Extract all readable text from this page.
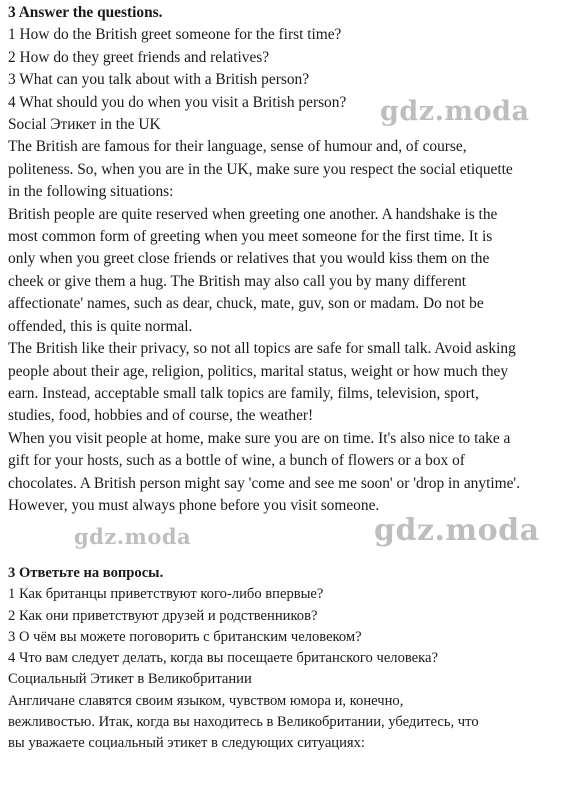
3 Answer the questions.
1 How do the British greet someone for the first time?
2 How do they greet friends and relatives?
3 What can you talk about with a British person?
4 What should you do when you visit a British person?
Social Этикет in the UK
The British are famous for their language, sense of humour and, of course,
politeness. So, when you are in the UK, make sure you respect the social etiquette
in the following situations:
British people are quite reserved when greeting one another. A handshake is the
most common form of greeting when you meet someone for the first time. It is
only when you greet close friends or relatives that you would kiss them on the
cheek or give them a hug. The British may also call you by many different
affectionate' names, such as dear, chuck, mate, guv, son or madam. Do not be
offended, this is quite normal.
The British like their privacy, so not all topics are safe for small talk. Avoid asking
people about their age, religion, politics, marital status, weight or how much they
earn. Instead, acceptable small talk topics are family, films, television, sport,
studies, food, hobbies and of course, the weather!
When you visit people at home, make sure you are on time. It's also nice to take a
gift for your hosts, such as a bottle of wine, a bunch of flowers or a box of
chocolates. A British person might say 'come and see me soon' or 'drop in anytime'.
However, you must always phone before you visit someone.
3 Ответьте на вопросы.
1 Как британцы приветствуют кого-либо впервые?
2 Как они приветствуют друзей и родственников?
3 О чём вы можете поговорить с британским человеком?
4 Что вам следует делать, когда вы посещаете британского человека?
Социальный Этикет в Великобритании
Англичане славятся своим языком, чувством юмора и, конечно,
вежливостью. Итак, когда вы находитесь в Великобритании, убедитесь, что
вы уважаете социальный этикет в следующих ситуациях:
gdz.moda
gdz.moda	gdz.moda
